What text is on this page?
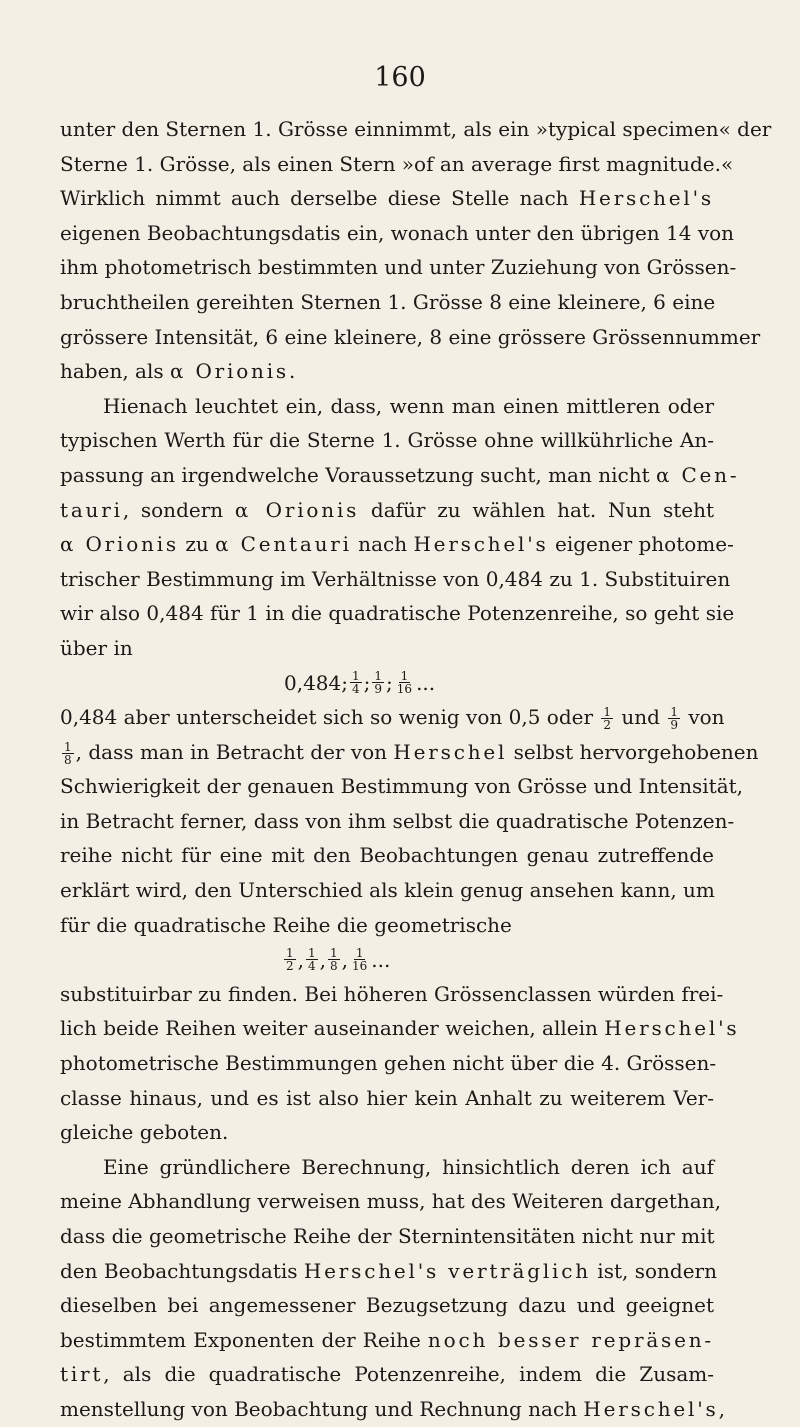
160
unter den Sternen 1. Grösse einnimmt, als ein »typical specimen« der
Sterne 1. Grösse, als einen Stern »of an average first magnitude.«
Wirklich nimmt auch derselbe diese Stelle nach Herschel's
eigenen Beobachtungsdatis ein, wonach unter den übrigen 14 von
ihm photometrisch bestimmten und unter Zuziehung von Grössen-
bruchtheilen gereihten Sternen 1. Grösse 8 eine kleinere, 6 eine
grössere Intensität, 6 eine kleinere, 8 eine grössere Grössennummer
haben, als α Orionis.
Hienach leuchtet ein, dass, wenn man einen mittleren oder
typischen Werth für die Sterne 1. Grösse ohne willkührliche An-
passung an irgendwelche Voraussetzung sucht, man nicht α Cen-
tauri, sondern α Orionis dafür zu wählen hat. Nun steht
α Orionis zu α Centauri nach Herschel's eigener photome-
trischer Bestimmung im Verhältnisse von 0,484 zu 1. Substituiren
wir also 0,484 für 1 in die quadratische Potenzenreihe, so geht sie
über in
0,484; $\frac{1}{4}$ ; $\frac{1}{9}$ ; $\frac{1}{16}$ ...
0,484 aber unterscheidet sich so wenig von 0,5 oder $\frac{1}{2}$ und $\frac{1}{9}$ von
$\frac{1}{8}$ , dass man in Betracht der von Herschel selbst hervorgehobenen
Schwierigkeit der genauen Bestimmung von Grösse und Intensität,
in Betracht ferner, dass von ihm selbst die quadratische Potenzen-
reihe nicht für eine mit den Beobachtungen genau zutreffende
erklärt wird, den Unterschied als klein genug ansehen kann, um
für die quadratische Reihe die geometrische
$\frac{1}{2}$ , $\frac{1}{4}$ , $\frac{1}{8}$ , $\frac{1}{16}$ ...
substituirbar zu finden. Bei höheren Grössenclassen würden frei-
lich beide Reihen weiter auseinander weichen, allein Herschel's
photometrische Bestimmungen gehen nicht über die 4. Grössen-
classe hinaus, und es ist also hier kein Anhalt zu weiterem Ver-
gleiche geboten.
Eine gründlichere Berechnung, hinsichtlich deren ich auf
meine Abhandlung verweisen muss, hat des Weiteren dargethan,
dass die geometrische Reihe der Sternintensitäten nicht nur mit
den Beobachtungsdatis Herschel's verträglich ist, sondern
dieselben bei angemessener Bezugsetzung dazu und geeignet
bestimmtem Exponenten der Reihe noch besser repräsen-
tirt, als die quadratische Potenzenreihe, indem die Zusam-
menstellung von Beobachtung und Rechnung nach Herschel's,
